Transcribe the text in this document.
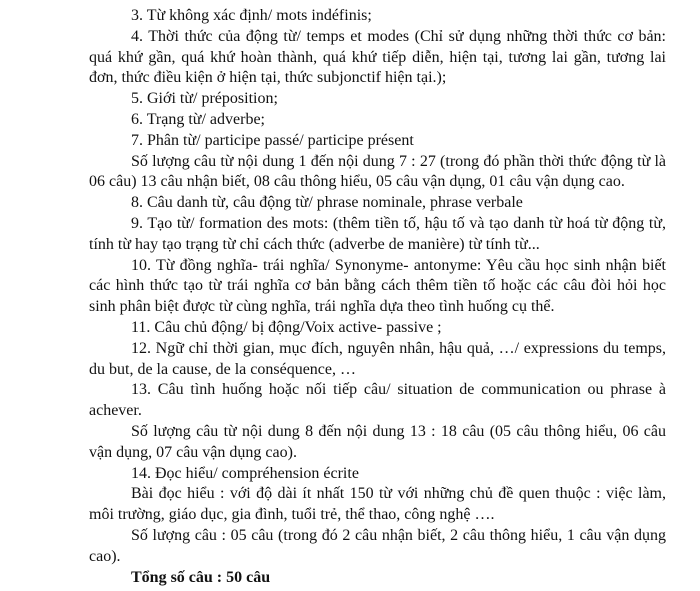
3. Từ không xác định/ mots indéfinis;

4. Thời thức của động từ/ temps et modes (Chỉ sử dụng những thời thức cơ bản: quá khứ gần, quá khứ hoàn thành, quá khứ tiếp diễn, hiện tại, tương lai gần, tương lai đơn, thức điều kiện ở hiện tại, thức subjonctif hiện tại.);

5. Giới từ/ préposition;

6. Trạng từ/ adverbe;

7. Phân từ/ participe passé/ participe présent

Số lượng câu từ nội dung 1 đến nội dung 7 : 27 (trong đó phần thời thức động từ là 06 câu) 13 câu nhận biết, 08 câu thông hiểu, 05 câu vận dụng, 01 câu vận dụng cao.

8. Câu danh từ, câu động từ/ phrase nominale, phrase verbale

9. Tạo từ/ formation des mots: (thêm tiền tố, hậu tố và tạo danh từ hoá từ động từ, tính từ hay tạo trạng từ chỉ cách thức (adverbe de manière) từ tính từ...

10. Từ đồng nghĩa- trái nghĩa/ Synonyme- antonyme: Yêu cầu học sinh nhận biết các hình thức tạo từ trái nghĩa cơ bản bằng cách thêm tiền tố hoặc các câu đòi hỏi học sinh phân biệt được từ cùng nghĩa, trái nghĩa dựa theo tình huống cụ thể.

11. Câu chủ động/ bị động/Voix active- passive ;

12. Ngữ chỉ thời gian, mục đích, nguyên nhân, hậu quả, …/ expressions du temps, du but, de la cause, de la conséquence, …

13. Câu tình huống hoặc nối tiếp câu/ situation de communication ou phrase à achever.

Số lượng câu từ nội dung 8 đến nội dung 13 : 18 câu (05 câu thông hiểu, 06 câu vận dụng, 07 câu vận dụng cao).

14. Đọc hiểu/ compréhension écrite

Bài đọc hiểu : với độ dài ít nhất 150 từ với những chủ đề quen thuộc : việc làm, môi trường, giáo dục, gia đình, tuổi trẻ, thể thao, công nghệ ….

Số lượng câu : 05 câu (trong đó 2 câu nhận biết, 2 câu thông hiểu, 1 câu vận dụng cao).

Tổng số câu : 50 câu
